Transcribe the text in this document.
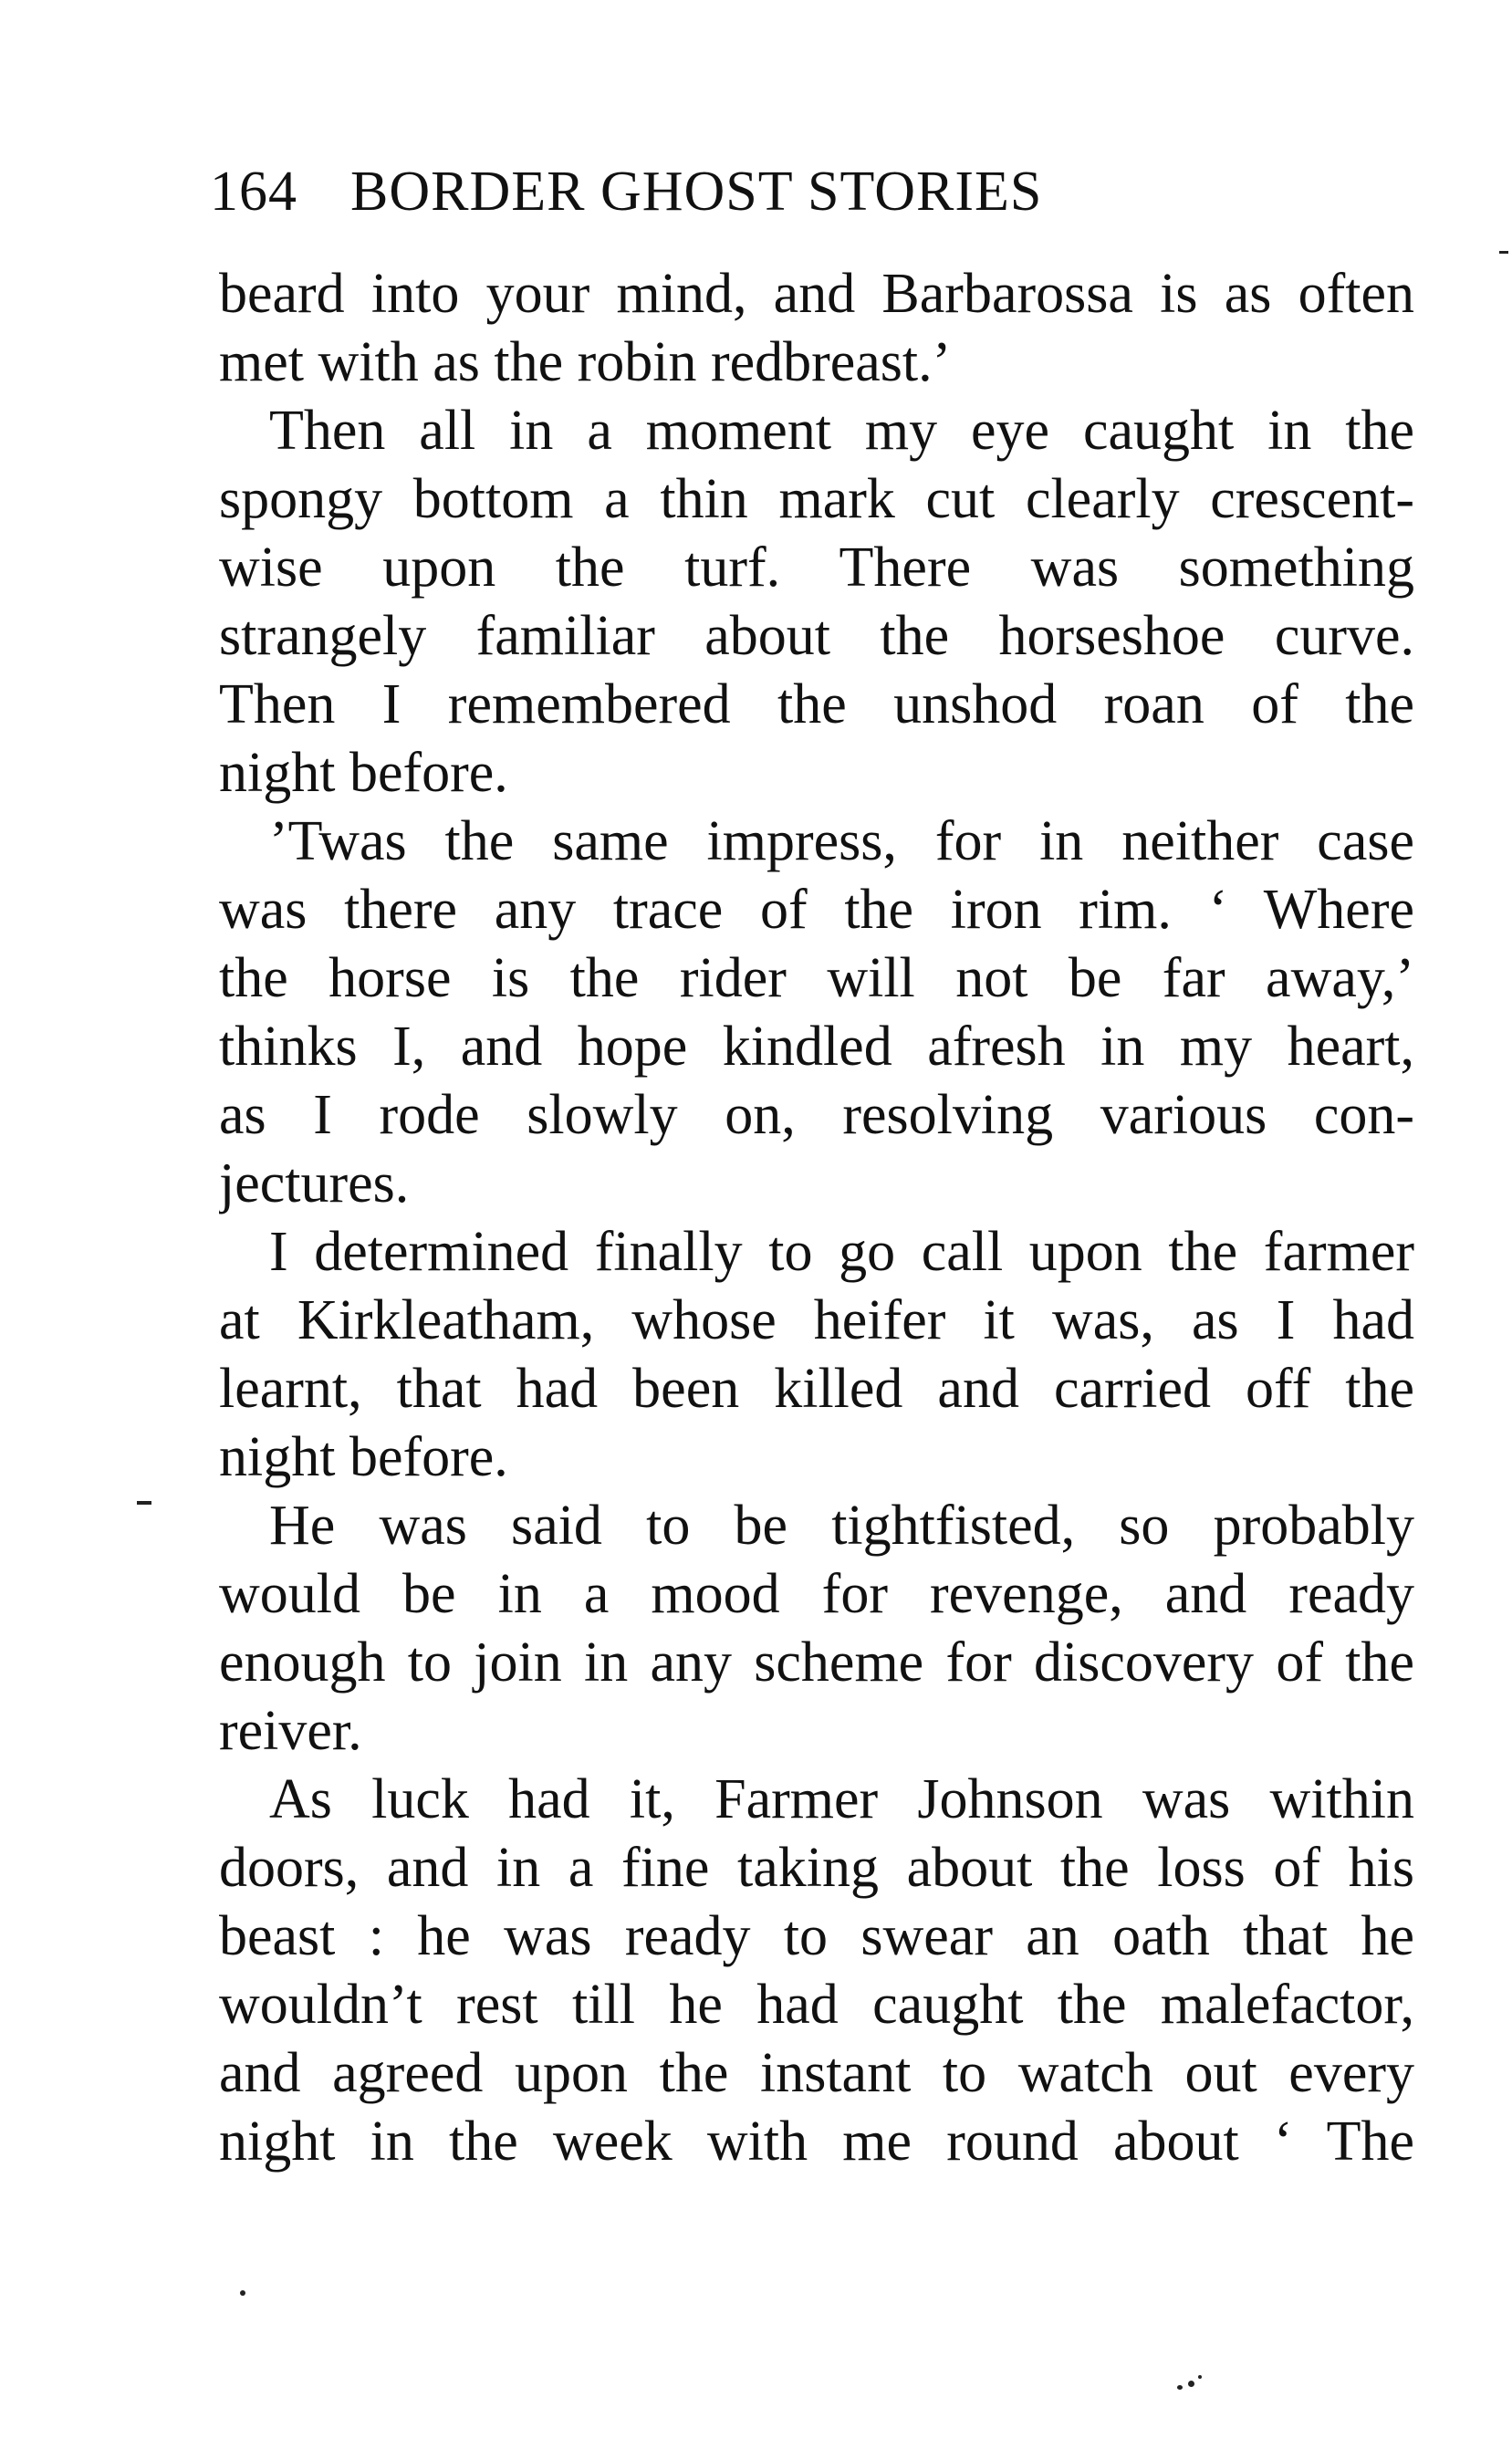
164 BORDER GHOST STORIES
beard into your mind, and Barbarossa is as often
met with as the robin redbreast.’
Then all in a moment my eye caught in the
spongy bottom a thin mark cut clearly crescent-
wise upon the turf. There was something
strangely familiar about the horseshoe curve.
Then I remembered the unshod roan of the
night before.
’Twas the same impress, for in neither case
was there any trace of the iron rim. ‘ Where
the horse is the rider will not be far away,’
thinks I, and hope kindled afresh in my heart,
as I rode slowly on, resolving various con-
jectures.
I determined finally to go call upon the farmer
at Kirkleatham, whose heifer it was, as I had
learnt, that had been killed and carried off the
night before.
He was said to be tightfisted, so probably
would be in a mood for revenge, and ready
enough to join in any scheme for discovery of the
reiver.
As luck had it, Farmer Johnson was within
doors, and in a fine taking about the loss of his
beast : he was ready to swear an oath that he
wouldn’t rest till he had caught the malefactor,
and agreed upon the instant to watch out every
night in the week with me round about ‘ The
